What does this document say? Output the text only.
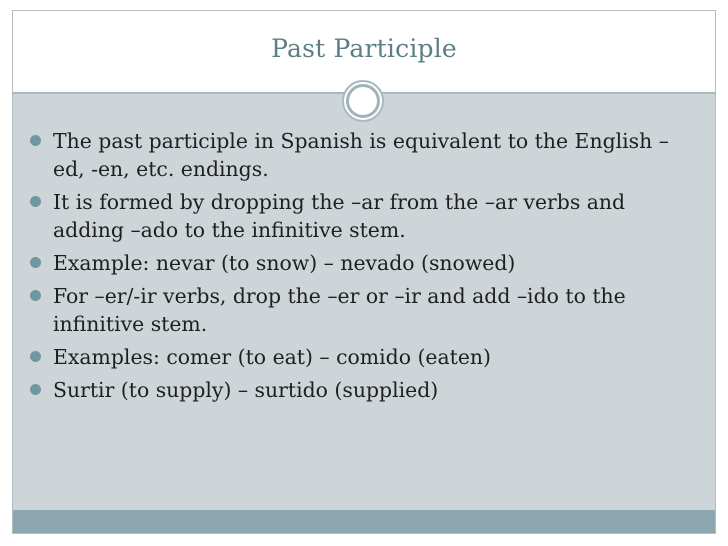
Past Participle
The past participle in Spanish is equivalent to the English –ed, -en, etc. endings.
It is formed by dropping the –ar from the –ar verbs and adding –ado to the infinitive stem.
Example: nevar (to snow) – nevado (snowed)
For –er/-ir verbs, drop the –er or –ir and add –ido to the infinitive stem.
Examples: comer (to eat) – comido (eaten)
Surtir (to supply) – surtido (supplied)
